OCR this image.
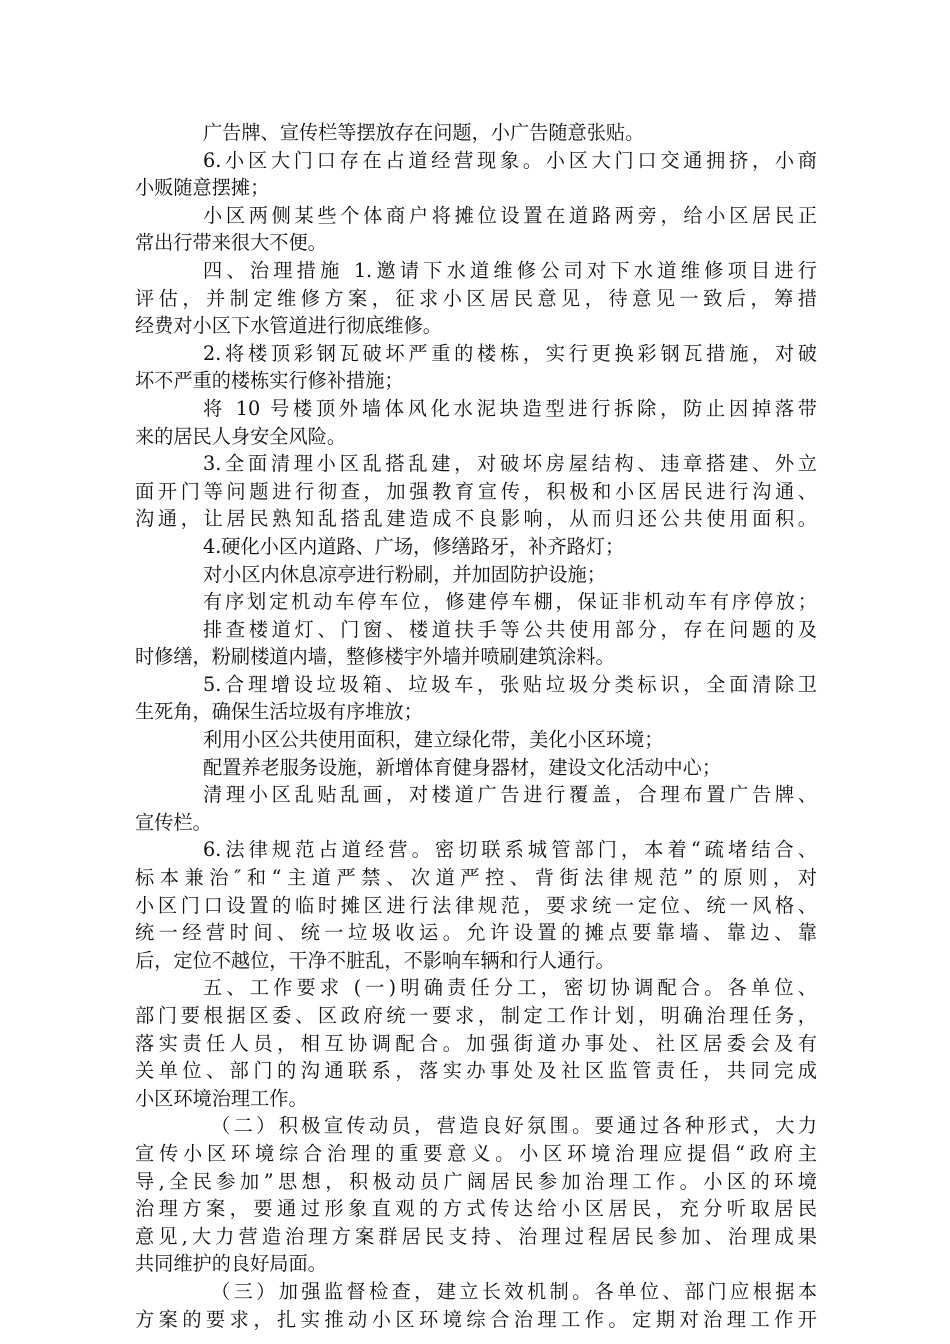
广告牌、宣传栏等摆放存在问题，小广告随意张贴。
6.小区大门口存在占道经营现象。小区大门口交通拥挤，小商
小贩随意摆摊；
小区两侧某些个体商户将摊位设置在道路两旁，给小区居民正
常出行带来很大不便。
四、治理措施 1.邀请下水道维修公司对下水道维修项目进行
评估，并制定维修方案，征求小区居民意见，待意见一致后，筹措
经费对小区下水管道进行彻底维修。
2.将楼顶彩钢瓦破坏严重的楼栋，实行更换彩钢瓦措施，对破
坏不严重的楼栋实行修补措施；
将 10 号楼顶外墙体风化水泥块造型进行拆除，防止因掉落带
来的居民人身安全风险。
3.全面清理小区乱搭乱建，对破坏房屋结构、违章搭建、外立
面开门等问题进行彻查，加强教育宣传，积极和小区居民进行沟通、
沟通，让居民熟知乱搭乱建造成不良影响，从而归还公共使用面积。
4.硬化小区内道路、广场，修缮路牙，补齐路灯；
对小区内休息凉亭进行粉刷，并加固防护设施；
有序划定机动车停车位，修建停车棚，保证非机动车有序停放；
排查楼道灯、门窗、楼道扶手等公共使用部分，存在问题的及
时修缮，粉刷楼道内墙，整修楼宇外墙并喷刷建筑涂料。
5.合理增设垃圾箱、垃圾车，张贴垃圾分类标识，全面清除卫
生死角，确保生活垃圾有序堆放；
利用小区公共使用面积，建立绿化带，美化小区环境；
配置养老服务设施，新增体育健身器材，建设文化活动中心；
清理小区乱贴乱画，对楼道广告进行覆盖，合理布置广告牌、
宣传栏。
6.法律规范占道经营。密切联系城管部门，本着“疏堵结合、
标本兼治″和“主道严禁、次道严控、背街法律规范”的原则，对
小区门口设置的临时摊区进行法律规范，要求统一定位、统一风格、
统一经营时间、统一垃圾收运。允许设置的摊点要靠墙、靠边、靠
后，定位不越位，干净不脏乱，不影响车辆和行人通行。
五、工作要求 (一)明确责任分工，密切协调配合。各单位、
部门要根据区委、区政府统一要求，制定工作计划，明确治理任务，
落实责任人员，相互协调配合。加强街道办事处、社区居委会及有
关单位、部门的沟通联系，落实办事处及社区监管责任，共同完成
小区环境治理工作。
（二）积极宣传动员，营造良好氛围。要通过各种形式，大力
宣传小区环境综合治理的重要意义。小区环境治理应提倡“政府主
导,全民参加”思想，积极动员广阔居民参加治理工作。小区的环境
治理方案，要通过形象直观的方式传达给小区居民，充分听取居民
意见,大力营造治理方案群居民支持、治理过程居民参加、治理成果
共同维护的良好局面。
（三）加强监督检查，建立长效机制。各单位、部门应根据本
方案的要求，扎实推动小区环境综合治理工作。定期对治理工作开
